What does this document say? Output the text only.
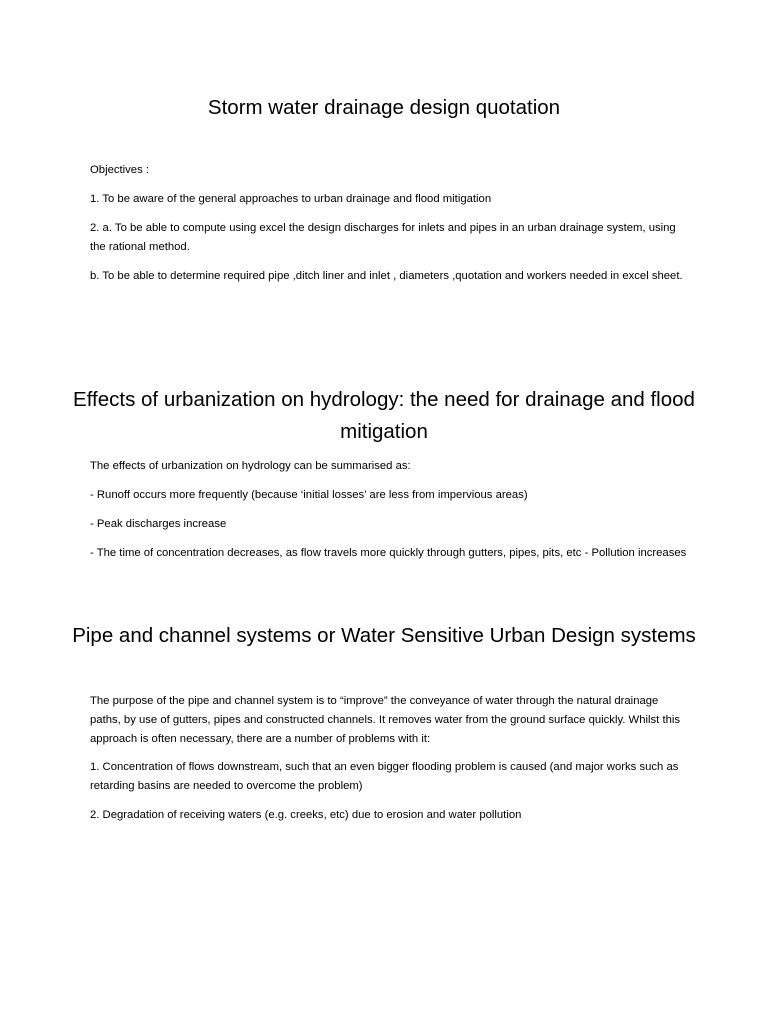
Storm water drainage design quotation

Objectives :

1. To be aware of the general approaches to urban drainage and flood mitigation

2. a. To be able to compute using excel the design discharges for inlets and pipes in an urban drainage system, using the rational method.

b. To be able to determine required pipe ,ditch liner and inlet , diameters ,quotation and workers needed in excel sheet.

Effects of urbanization on hydrology: the need for drainage and flood mitigation

The effects of urbanization on hydrology can be summarised as:

- Runoff occurs more frequently (because ‘initial losses’ are less from impervious areas)

- Peak discharges increase

- The time of concentration decreases, as flow travels more quickly through gutters, pipes, pits, etc - Pollution increases

Pipe and channel systems or Water Sensitive Urban Design systems

The purpose of the pipe and channel system is to “improve” the conveyance of water through the natural drainage paths, by use of gutters, pipes and constructed channels. It removes water from the ground surface quickly. Whilst this approach is often necessary, there are a number of problems with it:

1. Concentration of flows downstream, such that an even bigger flooding problem is caused (and major works such as retarding basins are needed to overcome the problem)

2. Degradation of receiving waters (e.g. creeks, etc) due to erosion and water pollution
